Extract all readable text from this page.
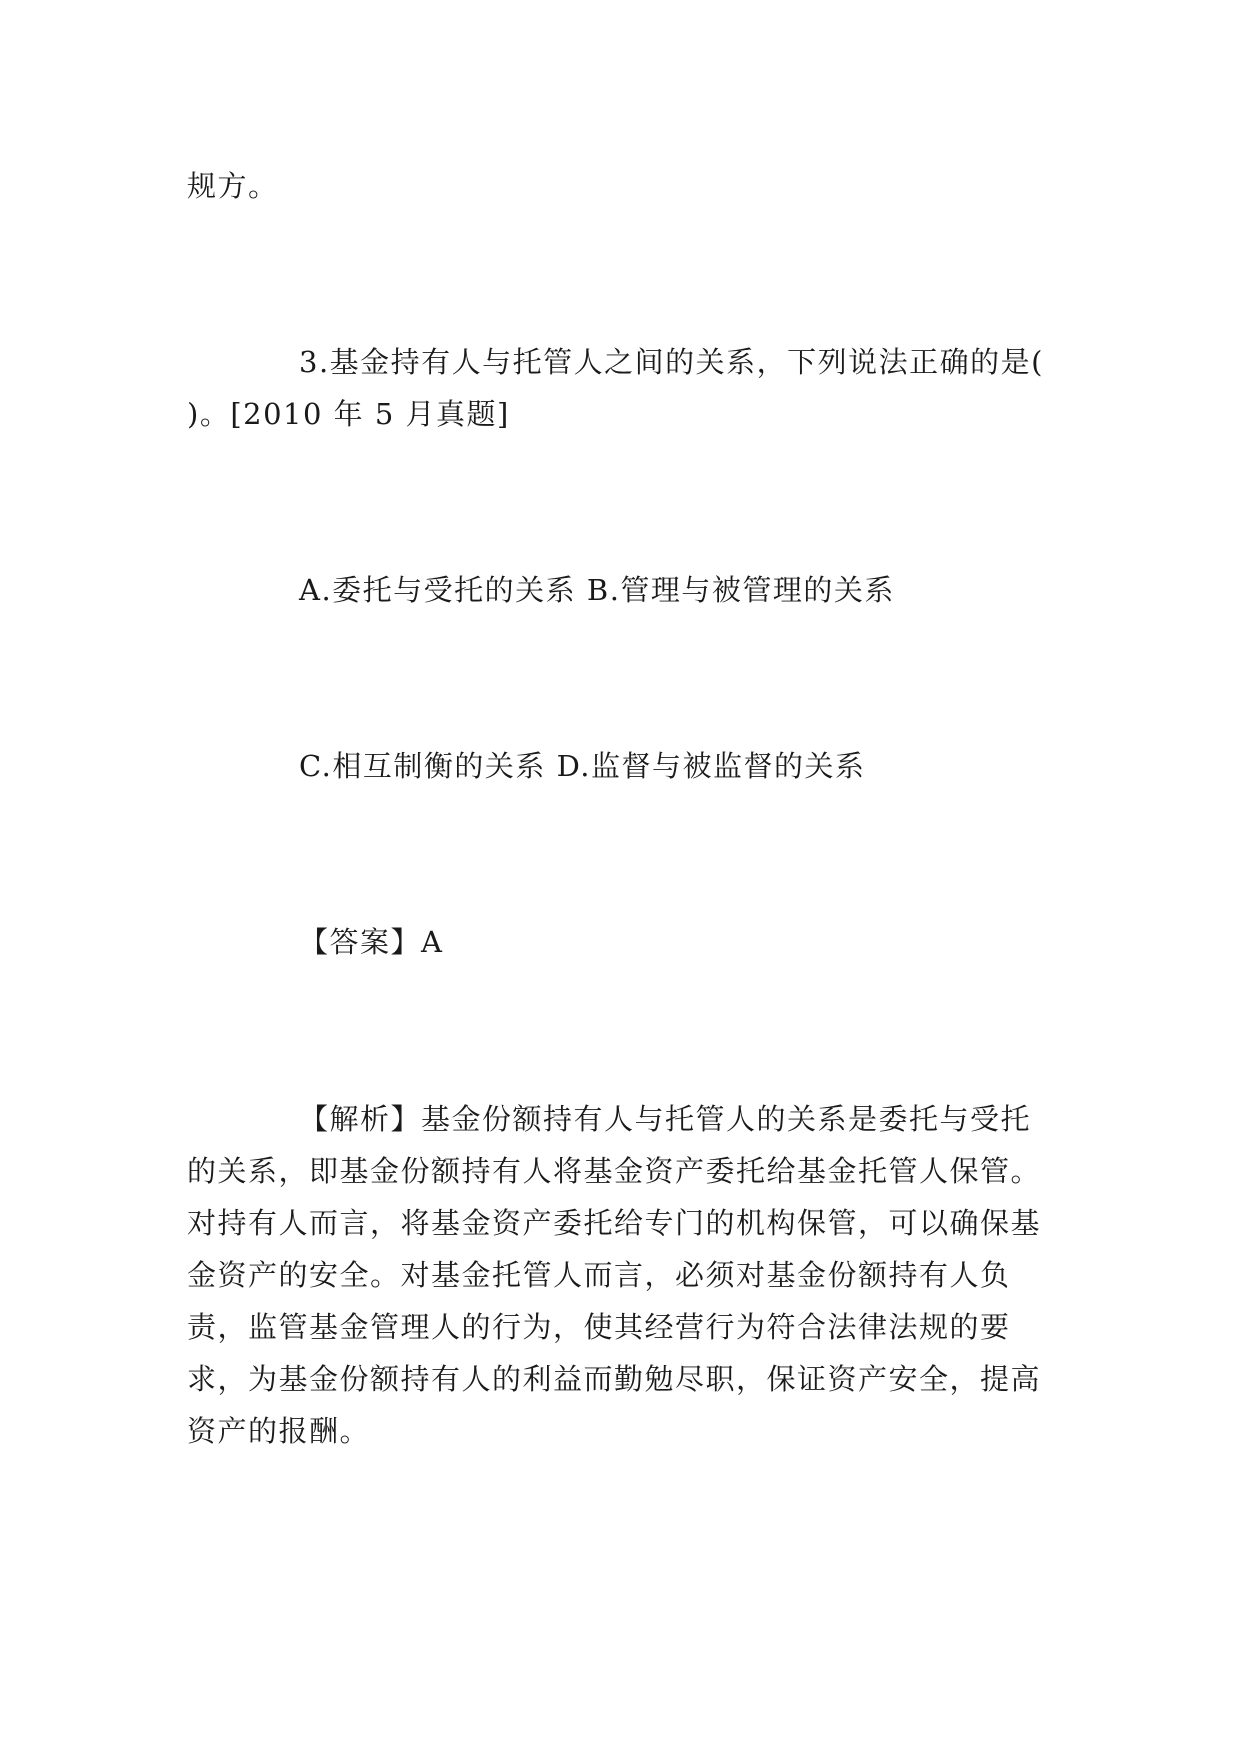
规方。

3.基金持有人与托管人之间的关系，下列说法正确的是( )。[2010 年 5 月真题]

A.委托与受托的关系 B.管理与被管理的关系

C.相互制衡的关系 D.监督与被监督的关系

【答案】A

【解析】基金份额持有人与托管人的关系是委托与受托的关系，即基金份额持有人将基金资产委托给基金托管人保管。对持有人而言，将基金资产委托给专门的机构保管，可以确保基金资产的安全。对基金托管人而言，必须对基金份额持有人负责，监管基金管理人的行为，使其经营行为符合法律法规的要求，为基金份额持有人的利益而勤勉尽职，保证资产安全，提高资产的报酬。
